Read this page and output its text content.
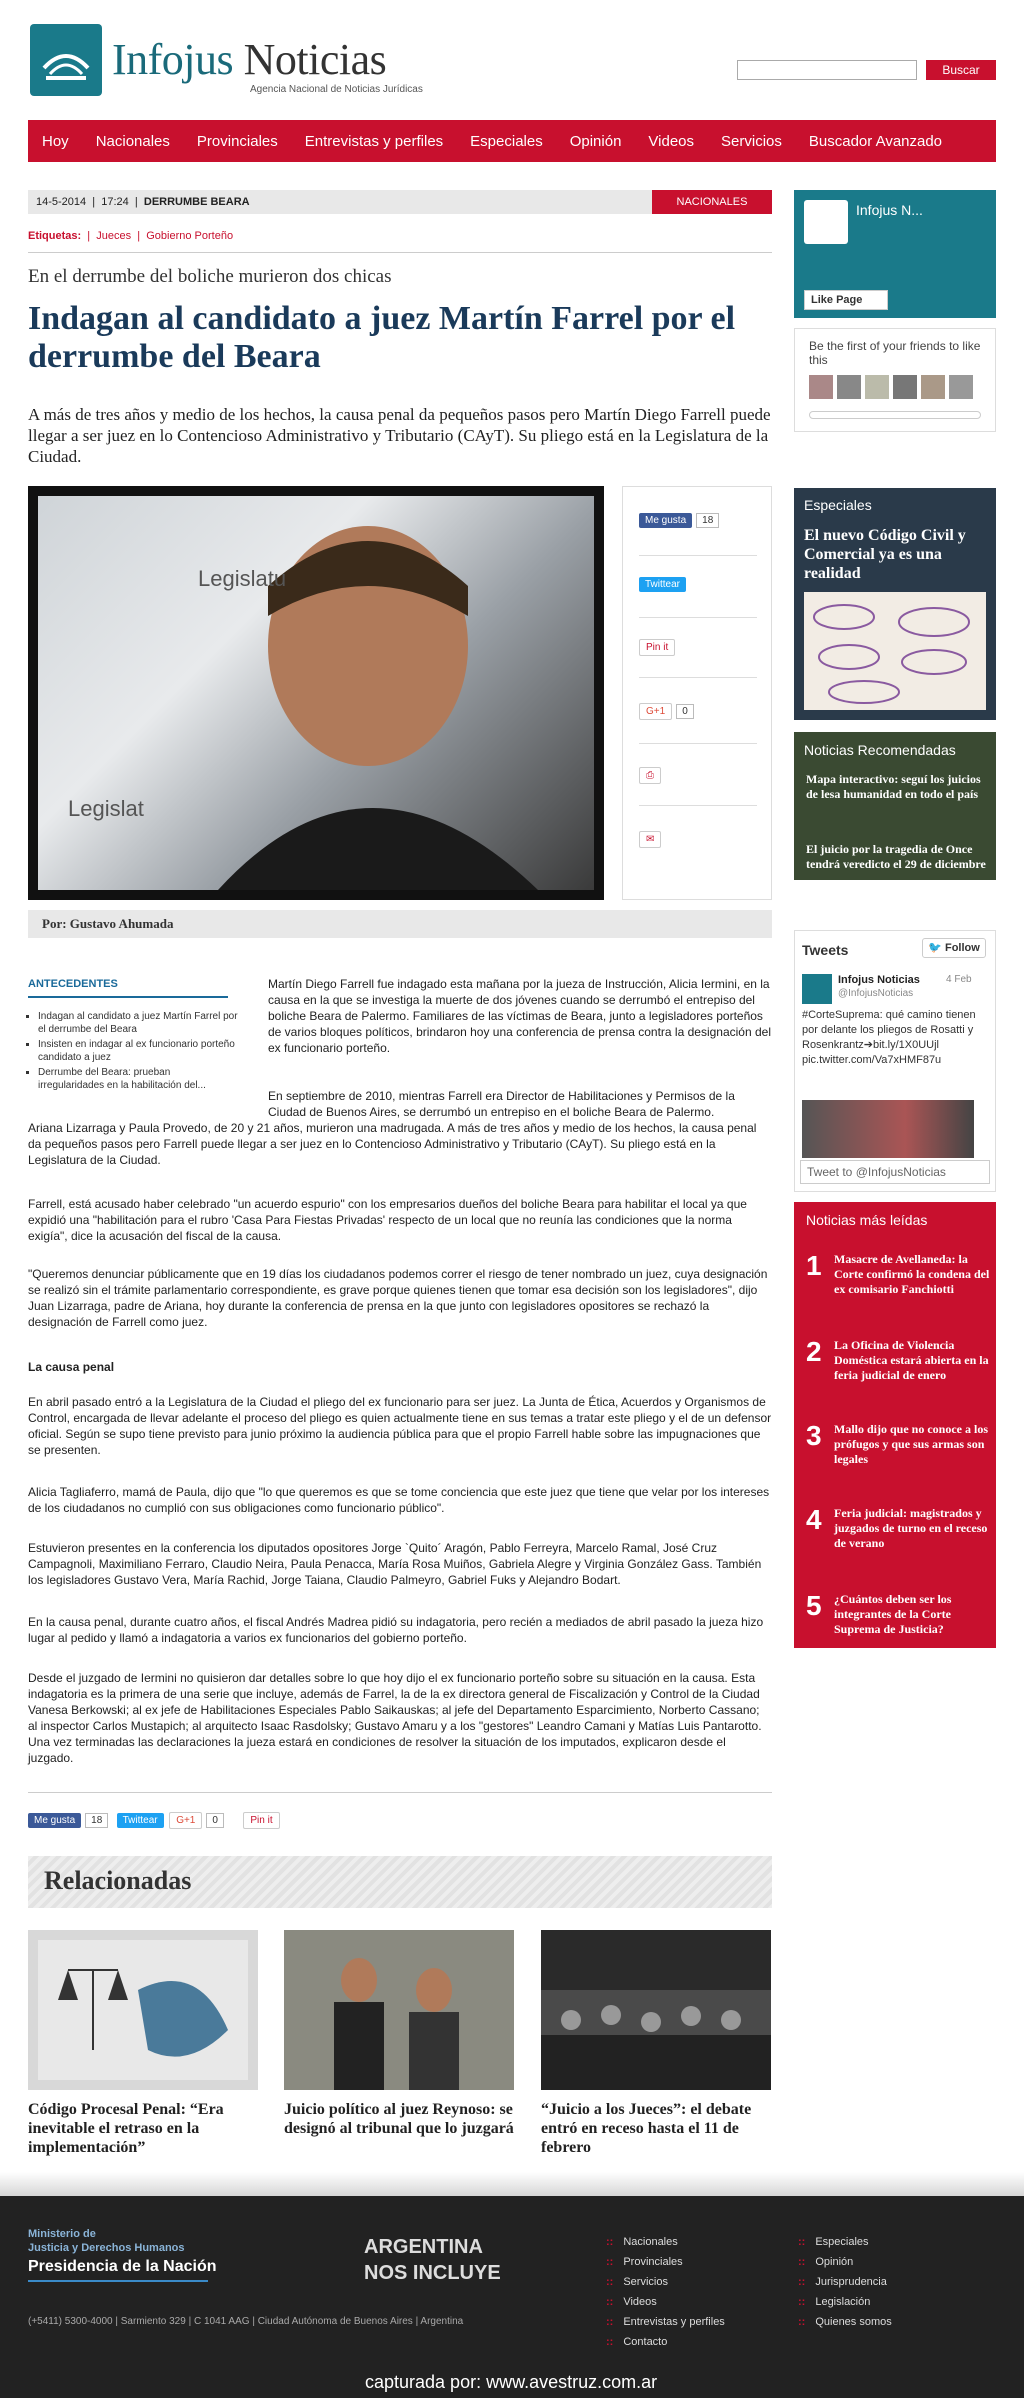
Infojus Noticias
Agencia Nacional de Noticias Jurídicas
Buscar
Hoy Nacionales Provinciales Entrevistas y perfiles Especiales Opinión Videos Servicios Buscador Avanzado
14-5-2014  |  17:24  |  DERRUMBE BEARA	NACIONALES
Etiquetas:  |  Jueces  |  Gobierno Porteño
En el derrumbe del boliche murieron dos chicas
Indagan al candidato a juez Martín Farrel por el derrumbe del Beara
A más de tres años y medio de los hechos, la causa penal da pequeños pasos pero Martín Diego Farrell puede llegar a ser juez en lo Contencioso Administrativo y Tributario (CAyT). Su pliego está en la Legislatura de la Ciudad.
Legislatu
Legislat
Me gusta 18
Twittear
Pin it
G+1 0
⎙
✉
Por: Gustavo Ahumada
ANTECEDENTES
▪ Indagan al candidato a juez Martín Farrel por el derrumbe del Beara
▪ Insisten en indagar al ex funcionario porteño candidato a juez
▪ Derrumbe del Beara: prueban irregularidades en la habilitación del...
Martín Diego Farrell fue indagado esta mañana por la jueza de Instrucción, Alicia Iermini, en la causa en la que se investiga la muerte de dos jóvenes cuando se derrumbó el entrepiso del boliche Beara de Palermo. Familiares de las víctimas de Beara, junto a legisladores porteños de varios bloques políticos, brindaron hoy una conferencia de prensa contra la designación del ex funcionario porteño.
En septiembre de 2010, mientras Farrell era Director de Habilitaciones y Permisos de la Ciudad de Buenos Aires, se derrumbó un entrepiso en el boliche Beara de Palermo.
Ariana Lizarraga y Paula Provedo, de 20 y 21 años, murieron una madrugada. A más de tres años y medio de los hechos, la causa penal da pequeños pasos pero Farrell puede llegar a ser juez en lo Contencioso Administrativo y Tributario (CAyT). Su pliego está en la Legislatura de la Ciudad.
Farrell, está acusado haber celebrado "un acuerdo espurio" con los empresarios dueños del boliche Beara para habilitar el local ya que expidió una "habilitación para el rubro 'Casa Para Fiestas Privadas' respecto de un local que no reunía las condiciones que la norma exigía", dice la acusación del fiscal de la causa.
"Queremos denunciar públicamente que en 19 días los ciudadanos podemos correr el riesgo de tener nombrado un juez, cuya designación se realizó sin el trámite parlamentario correspondiente, es grave porque quienes tienen que tomar esa decisión son los legisladores", dijo Juan Lizarraga, padre de Ariana, hoy durante la conferencia de prensa en la que junto con legisladores opositores se rechazó la designación de Farrell como juez.
La causa penal
En abril pasado entró a la Legislatura de la Ciudad el pliego del ex funcionario para ser juez. La Junta de Ética, Acuerdos y Organismos de Control, encargada de llevar adelante el proceso del pliego es quien actualmente tiene en sus temas a tratar este pliego y el de un defensor oficial. Según se supo tiene previsto para junio próximo la audiencia pública para que el propio Farrell hable sobre las impugnaciones que se presenten.
Alicia Tagliaferro, mamá de Paula, dijo que "lo que queremos es que se tome conciencia que este juez que tiene que velar por los intereses de los ciudadanos no cumplió con sus obligaciones como funcionario público".
Estuvieron presentes en la conferencia los diputados opositores Jorge `Quito´ Aragón, Pablo Ferreyra, Marcelo Ramal, José Cruz Campagnoli, Maximiliano Ferraro, Claudio Neira, Paula Penacca, María Rosa Muiños, Gabriela Alegre y Virginia González Gass. También los legisladores Gustavo Vera, María Rachid, Jorge Taiana, Claudio Palmeyro, Gabriel Fuks y Alejandro Bodart.
En la causa penal, durante cuatro años, el fiscal Andrés Madrea pidió su indagatoria, pero recién a mediados de abril pasado la jueza hizo lugar al pedido y llamó a indagatoria a varios ex funcionarios del gobierno porteño.
Desde el juzgado de Iermini no quisieron dar detalles sobre lo que hoy dijo el ex funcionario porteño sobre su situación en la causa. Esta indagatoria es la primera de una serie que incluye, además de Farrel, la de la ex directora general de Fiscalización y Control de la Ciudad Vanesa Berkowski; al ex jefe de Habilitaciones Especiales Pablo Saikauskas; al jefe del Departamento Esparcimiento, Norberto Cassano; al inspector Carlos Mustapich; al arquitecto Isaac Rasdolsky; Gustavo Amaru y a los "gestores" Leandro Camani y Matías Luis Pantarotto. Una vez terminadas las declaraciones la jueza estará en condiciones de resolver la situación de los imputados, explicaron desde el juzgado.
Me gusta 18 Twittear G+1 0	Pin it
Relacionadas
Código Procesal Penal: “Era inevitable el retraso en la implementación”
Juicio político al juez Reynoso: se designó al tribunal que lo juzgará
“Juicio a los Jueces”: el debate entró en receso hasta el 11 de febrero
Infojus N...
Like Page
Be the first of your friends to like this
Especiales
El nuevo Código Civil y Comercial ya es una realidad
Noticias Recomendadas
Mapa interactivo: seguí los juicios de lesa humanidad en todo el país
El juicio por la tragedia de Once tendrá veredicto el 29 de diciembre
Tweets	🐦 Follow
Infojus Noticias
@InfojusNoticias
4 Feb
#CorteSuprema: qué camino tienen por delante los pliegos de Rosatti y Rosenkrantz➔bit.ly/1X0UUjl pic.twitter.com/Va7xHMF87u
Tweet to @InfojusNoticias
Noticias más leídas
1 Masacre de Avellaneda: la Corte confirmó la condena del ex comisario Fanchiotti
2 La Oficina de Violencia Doméstica estará abierta en la feria judicial de enero
3 Mallo dijo que no conoce a los prófugos y que sus armas son legales
4 Feria judicial: magistrados y juzgados de turno en el receso de verano
5 ¿Cuántos deben ser los integrantes de la Corte Suprema de Justicia?
Ministerio de
Justicia y Derechos Humanos
Presidencia de la Nación
ARGENTINA
NOS INCLUYE
(+5411) 5300-4000 | Sarmiento 329 | C 1041 AAG | Ciudad Autónoma de Buenos Aires | Argentina
:: Nacionales
:: Provinciales
:: Servicios
:: Videos
:: Entrevistas y perfiles
:: Contacto
:: Especiales
:: Opinión
:: Jurisprudencia
:: Legislación
:: Quienes somos
capturada por: www.avestruz.com.ar
